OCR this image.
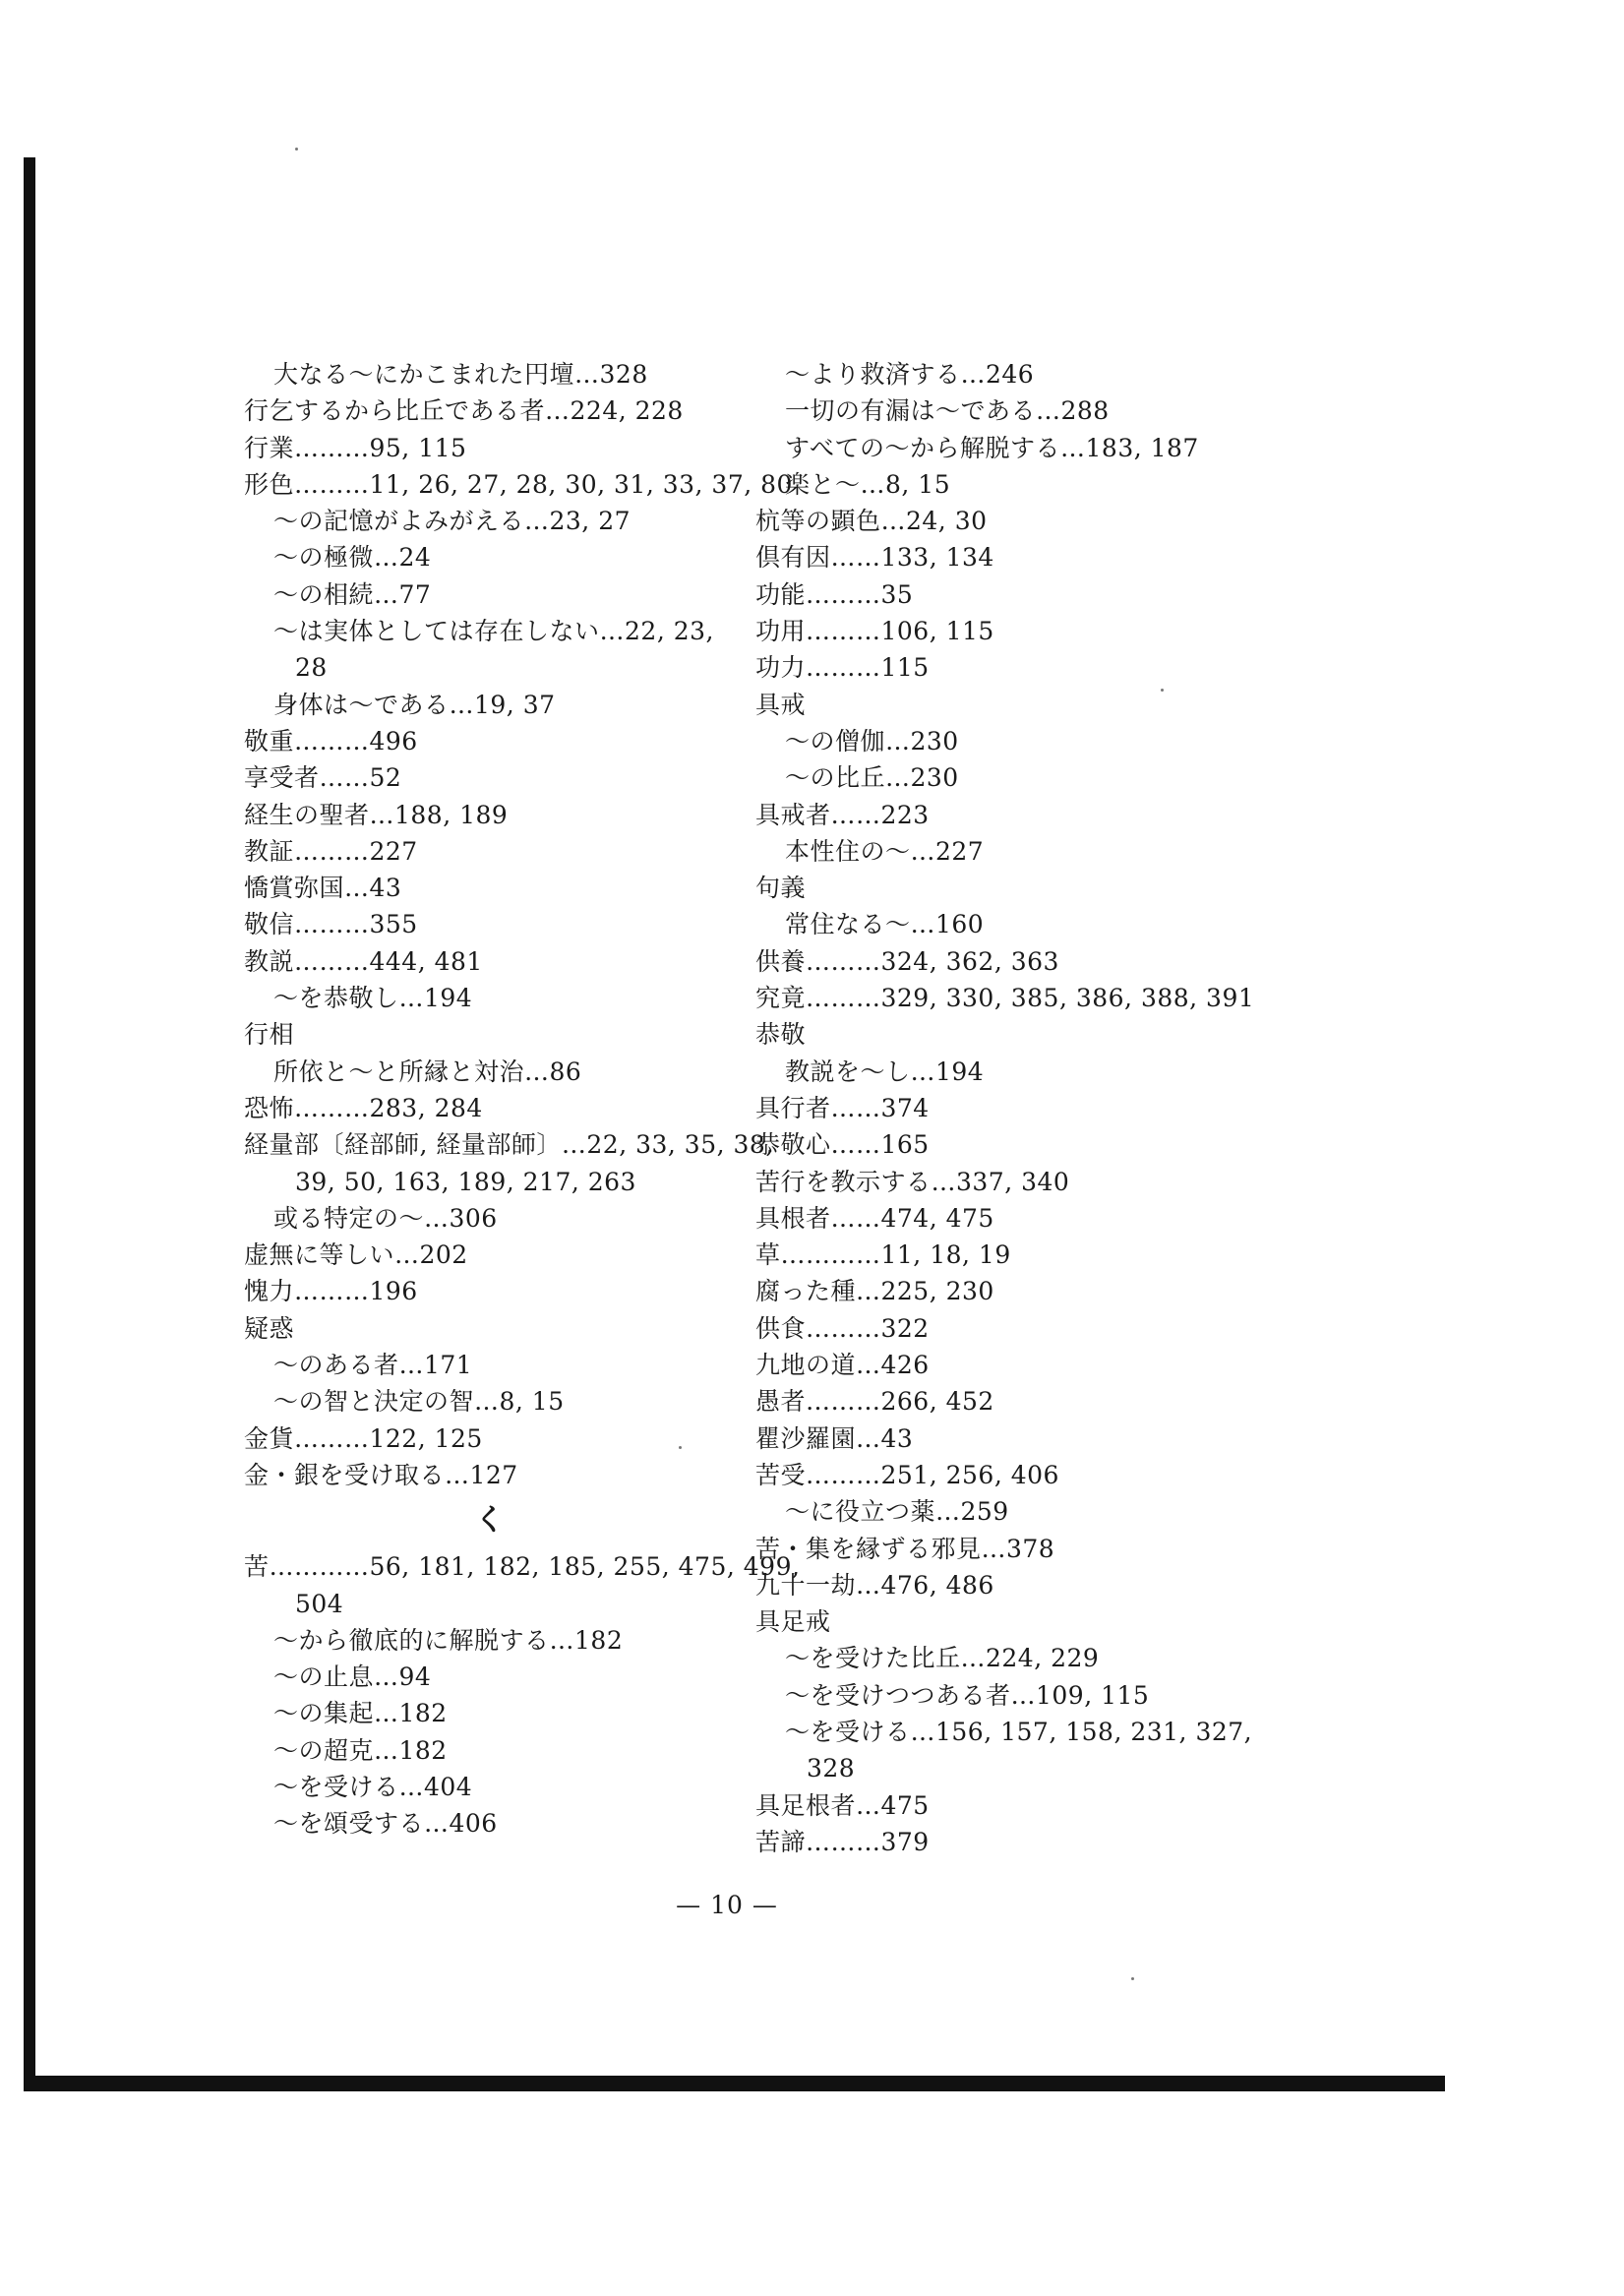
大なる～にかこまれた円壇…328
行乞するから比丘である者…224, 228
行業………95, 115
形色………11, 26, 27, 28, 30, 31, 33, 37, 80
～の記憶がよみがえる…23, 27
～の極微…24
～の相続…77
～は実体としては存在しない…22, 23,
28
身体は～である…19, 37
敬重………496
享受者……52
経生の聖者…188, 189
教証………227
憍賞弥国…43
敬信………355
教説………444, 481
～を恭敬し…194
行相
所依と～と所縁と対治…86
恐怖………283, 284
経量部〔経部師, 経量部師〕…22, 33, 35, 38,
39, 50, 163, 189, 217, 263
或る特定の～…306
虚無に等しい…202
愧力………196
疑惑
～のある者…171
～の智と決定の智…8, 15
金貨………122, 125
金・銀を受け取る…127
く
苦…………56, 181, 182, 185, 255, 475, 499,
504
～から徹底的に解脱する…182
～の止息…94
～の集起…182
～の超克…182
～を受ける…404
～を頌受する…406
～より救済する…246
一切の有漏は～である…288
すべての～から解脱する…183, 187
楽と～…8, 15
杭等の顕色…24, 30
倶有因……133, 134
功能………35
功用………106, 115
功力………115
具戒
～の僧伽…230
～の比丘…230
具戒者……223
本性住の～…227
句義
常住なる～…160
供養………324, 362, 363
究竟………329, 330, 385, 386, 388, 391
恭敬
教説を～し…194
具行者……374
恭敬心……165
苦行を教示する…337, 340
具根者……474, 475
草…………11, 18, 19
腐った種…225, 230
供食………322
九地の道…426
愚者………266, 452
瞿沙羅園…43
苦受………251, 256, 406
～に役立つ薬…259
苦・集を縁ずる邪見…378
九十一劫…476, 486
具足戒
～を受けた比丘…224, 229
～を受けつつある者…109, 115
～を受ける…156, 157, 158, 231, 327,
328
具足根者…475
苦諦………379
— 10 —
